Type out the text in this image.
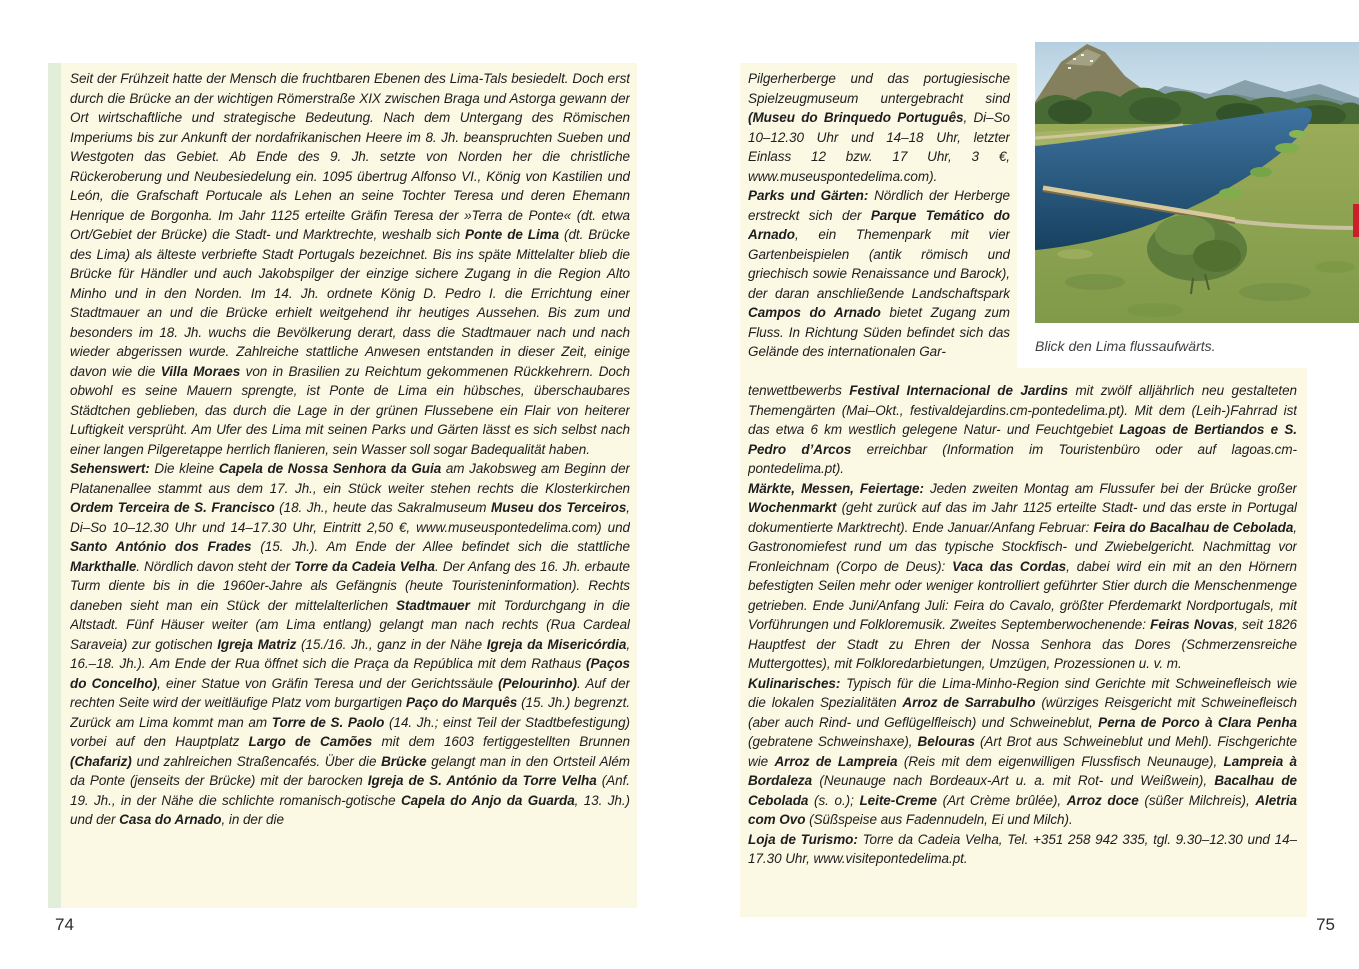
Seit der Frühzeit hatte der Mensch die fruchtbaren Ebenen des Lima-Tals besiedelt. Doch erst durch die Brücke an der wichtigen Römerstraße XIX zwischen Braga und Astorga gewann der Ort wirtschaftliche und strategische Bedeutung. Nach dem Untergang des Römischen Imperiums bis zur Ankunft der nordafrikanischen Heere im 8. Jh. beanspruchten Sueben und Westgoten das Gebiet. Ab Ende des 9. Jh. setzte von Norden her die christliche Rückeroberung und Neubesiedelung ein. 1095 übertrug Alfonso VI., König von Kastilien und León, die Grafschaft Portucale als Lehen an seine Tochter Teresa und deren Ehemann Henrique de Borgonha. Im Jahr 1125 erteilte Gräfin Teresa der »Terra de Ponte« (dt. etwa Ort/Gebiet der Brücke) die Stadt- und Marktrechte, weshalb sich Ponte de Lima (dt. Brücke des Lima) als älteste verbriefte Stadt Portugals bezeichnet. Bis ins späte Mittelalter blieb die Brücke für Händler und auch Jakobspilger der einzige sichere Zugang in die Region Alto Minho und in den Norden. Im 14. Jh. ordnete König D. Pedro I. die Errichtung einer Stadtmauer an und die Brücke erhielt weitgehend ihr heutiges Aussehen. Bis zum und besonders im 18. Jh. wuchs die Bevölkerung derart, dass die Stadtmauer nach und nach wieder abgerissen wurde. Zahlreiche stattliche Anwesen entstanden in dieser Zeit, einige davon wie die Villa Moraes von in Brasilien zu Reichtum gekommenen Rückkehrern. Doch obwohl es seine Mauern sprengte, ist Ponte de Lima ein hübsches, überschaubares Städtchen geblieben, das durch die Lage in der grünen Flussebene ein Flair von heiterer Luftigkeit versprüht. Am Ufer des Lima mit seinen Parks und Gärten lässt es sich selbst nach einer langen Pilgeretappe herrlich flanieren, sein Wasser soll sogar Badequalität haben.

Sehenswert: Die kleine Capela de Nossa Senhora da Guia am Jakobsweg am Beginn der Platanenallee stammt aus dem 17. Jh., ein Stück weiter stehen rechts die Klosterkirchen Ordem Terceira de S. Francisco (18. Jh., heute das Sakralmuseum Museu dos Terceiros, Di–So 10–12.30 Uhr und 14–17.30 Uhr, Eintritt 2,50 €, www.museuspontedelima.com) und Santo António dos Frades (15. Jh.). Am Ende der Allee befindet sich die stattliche Markthalle. Nördlich davon steht der Torre da Cadeia Velha. Der Anfang des 16. Jh. erbaute Turm diente bis in die 1960er-Jahre als Gefängnis (heute Touristeninformation). Rechts daneben sieht man ein Stück der mittelalterlichen Stadtmauer mit Tordurchgang in die Altstadt. Fünf Häuser weiter (am Lima entlang) gelangt man nach rechts (Rua Cardeal Saraveia) zur gotischen Igreja Matriz (15./16. Jh., ganz in der Nähe Igreja da Misericórdia, 16.–18. Jh.). Am Ende der Rua öffnet sich die Praça da República mit dem Rathaus (Paços do Concelho), einer Statue von Gräfin Teresa und der Gerichtssäule (Pelourinho). Auf der rechten Seite wird der weitläufige Platz vom burgartigen Paço do Marquês (15. Jh.) begrenzt. Zurück am Lima kommt man am Torre de S. Paolo (14. Jh.; einst Teil der Stadtbefestigung) vorbei auf den Hauptplatz Largo de Camões mit dem 1603 fertiggestellten Brunnen (Chafariz) und zahlreichen Straßencafés. Über die Brücke gelangt man in den Ortsteil Além da Ponte (jenseits der Brücke) mit der barocken Igreja de S. António da Torre Velha (Anf. 19. Jh., in der Nähe die schlichte romanisch-gotische Capela do Anjo da Guarda, 13. Jh.) und der Casa do Arnado, in der die

74

Pilgerherberge und das portugiesische Spielzeugmuseum untergebracht sind (Museu do Brinquedo Português, Di–So 10–12.30 Uhr und 14–18 Uhr, letzter Einlass 12 bzw. 17 Uhr, 3 €, www.museuspontedelima.com).

Parks und Gärten: Nördlich der Herberge erstreckt sich der Parque Temático do Arnado, ein Themenpark mit vier Gartenbeispielen (antik römisch und griechisch sowie Renaissance und Barock), der daran anschließende Landschaftspark Campos do Arnado bietet Zugang zum Fluss. In Richtung Süden befindet sich das Gelände des internationalen Gar-

tenwettbewerbs Festival Internacional de Jardins mit zwölf alljährlich neu gestalteten Themengärten (Mai–Okt., festivaldejardins.cm-pontedelima.pt). Mit dem (Leih-)Fahrrad ist das etwa 6 km westlich gelegene Natur- und Feuchtgebiet Lagoas de Bertiandos e S. Pedro d’Arcos erreichbar (Information im Touristenbüro oder auf lagoas.cm-pontedelima.pt).

Märkte, Messen, Feiertage: Jeden zweiten Montag am Flussufer bei der Brücke großer Wochenmarkt (geht zurück auf das im Jahr 1125 erteilte Stadt- und das erste in Portugal dokumentierte Marktrecht). Ende Januar/Anfang Februar: Feira do Bacalhau de Cebolada, Gastronomiefest rund um das typische Stockfisch- und Zwiebelgericht. Nachmittag vor Fronleichnam (Corpo de Deus): Vaca das Cordas, dabei wird ein mit an den Hörnern befestigten Seilen mehr oder weniger kontrolliert geführter Stier durch die Menschenmenge getrieben. Ende Juni/Anfang Juli: Feira do Cavalo, größter Pferdemarkt Nordportugals, mit Vorführungen und Folkloremusik. Zweites Septemberwochenende: Feiras Novas, seit 1826 Hauptfest der Stadt zu Ehren der Nossa Senhora das Dores (Schmerzensreiche Muttergottes), mit Folkloredarbietungen, Umzügen, Prozessionen u. v. m.

Kulinarisches: Typisch für die Lima-Minho-Region sind Gerichte mit Schweinefleisch wie die lokalen Spezialitäten Arroz de Sarrabulho (würziges Reisgericht mit Schweinefleisch (aber auch Rind- und Geflügelfleisch) und Schweineblut, Perna de Porco à Clara Penha (gebratene Schweinshaxe), Belouras (Art Brot aus Schweineblut und Mehl). Fischgerichte wie Arroz de Lampreia (Reis mit dem eigenwilligen Flussfisch Neunauge), Lampreia à Bordaleza (Neunauge nach Bordeaux-Art u. a. mit Rot- und Weißwein), Bacalhau de Cebolada (s. o.); Leite-Creme (Art Crème brûlée), Arroz doce (süßer Milchreis), Aletria com Ovo (Süßspeise aus Fadennudeln, Ei und Milch).

Loja de Turismo: Torre da Cadeia Velha, Tel. +351 258 942 335, tgl. 9.30–12.30 und 14–17.30 Uhr, www.visitepontedelima.pt.

Blick den Lima flussaufwärts.
75
